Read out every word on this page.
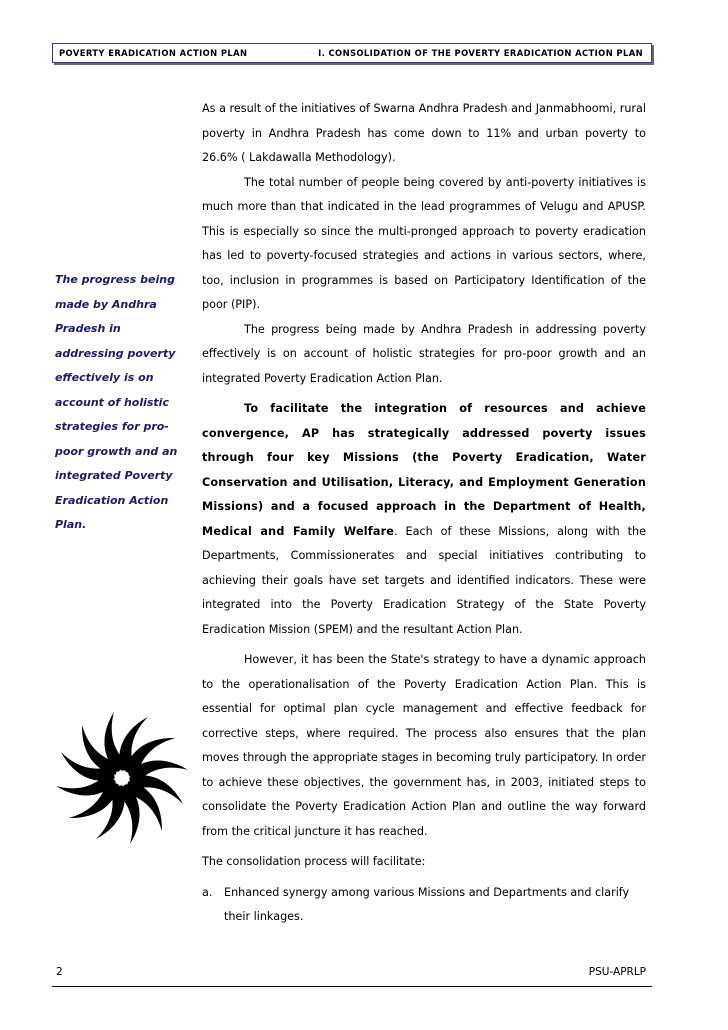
POVERTY ERADICATION ACTION PLAN	I. CONSOLIDATION OF THE POVERTY ERADICATION ACTION PLAN
The progress being made by Andhra Pradesh in addressing poverty effectively is on account of holistic strategies for pro-poor growth and an integrated Poverty Eradication Action Plan.

As a result of the initiatives of Swarna Andhra Pradesh and Janmabhoomi, rural poverty in Andhra Pradesh has come down to 11% and urban poverty to 26.6% ( Lakdawalla Methodology).

The total number of people being covered by anti-poverty initiatives is much more than that indicated in the lead programmes of Velugu and APUSP. This is especially so since the multi-pronged approach to poverty eradication has led to poverty-focused strategies and actions in various sectors, where, too, inclusion in programmes is based on Participatory Identification of the poor (PIP).

The progress being made by Andhra Pradesh in addressing poverty effectively is on account of holistic strategies for pro-poor growth and an integrated Poverty Eradication Action Plan.

To facilitate the integration of resources and achieve convergence, AP has strategically addressed poverty issues through four key Missions (the Poverty Eradication, Water Conservation and Utilisation, Literacy, and Employment Generation Missions) and a focused approach in the Department of Health, Medical and Family Welfare. Each of these Missions, along with the Departments, Commissionerates and special initiatives contributing to achieving their goals have set targets and identified indicators. These were integrated into the Poverty Eradication Strategy of the State Poverty Eradication Mission (SPEM) and the resultant Action Plan.

However, it has been the State's strategy to have a dynamic approach to the operationalisation of the Poverty Eradication Action Plan. This is essential for optimal plan cycle management and effective feedback for corrective steps, where required. The process also ensures that the plan moves through the appropriate stages in becoming truly participatory. In order to achieve these objectives, the government has, in 2003, initiated steps to consolidate the Poverty Eradication Action Plan and outline the way forward from the critical juncture it has reached.

The consolidation process will facilitate:

a. Enhanced synergy among various Missions and Departments and clarify their linkages.
2	PSU-APRLP
